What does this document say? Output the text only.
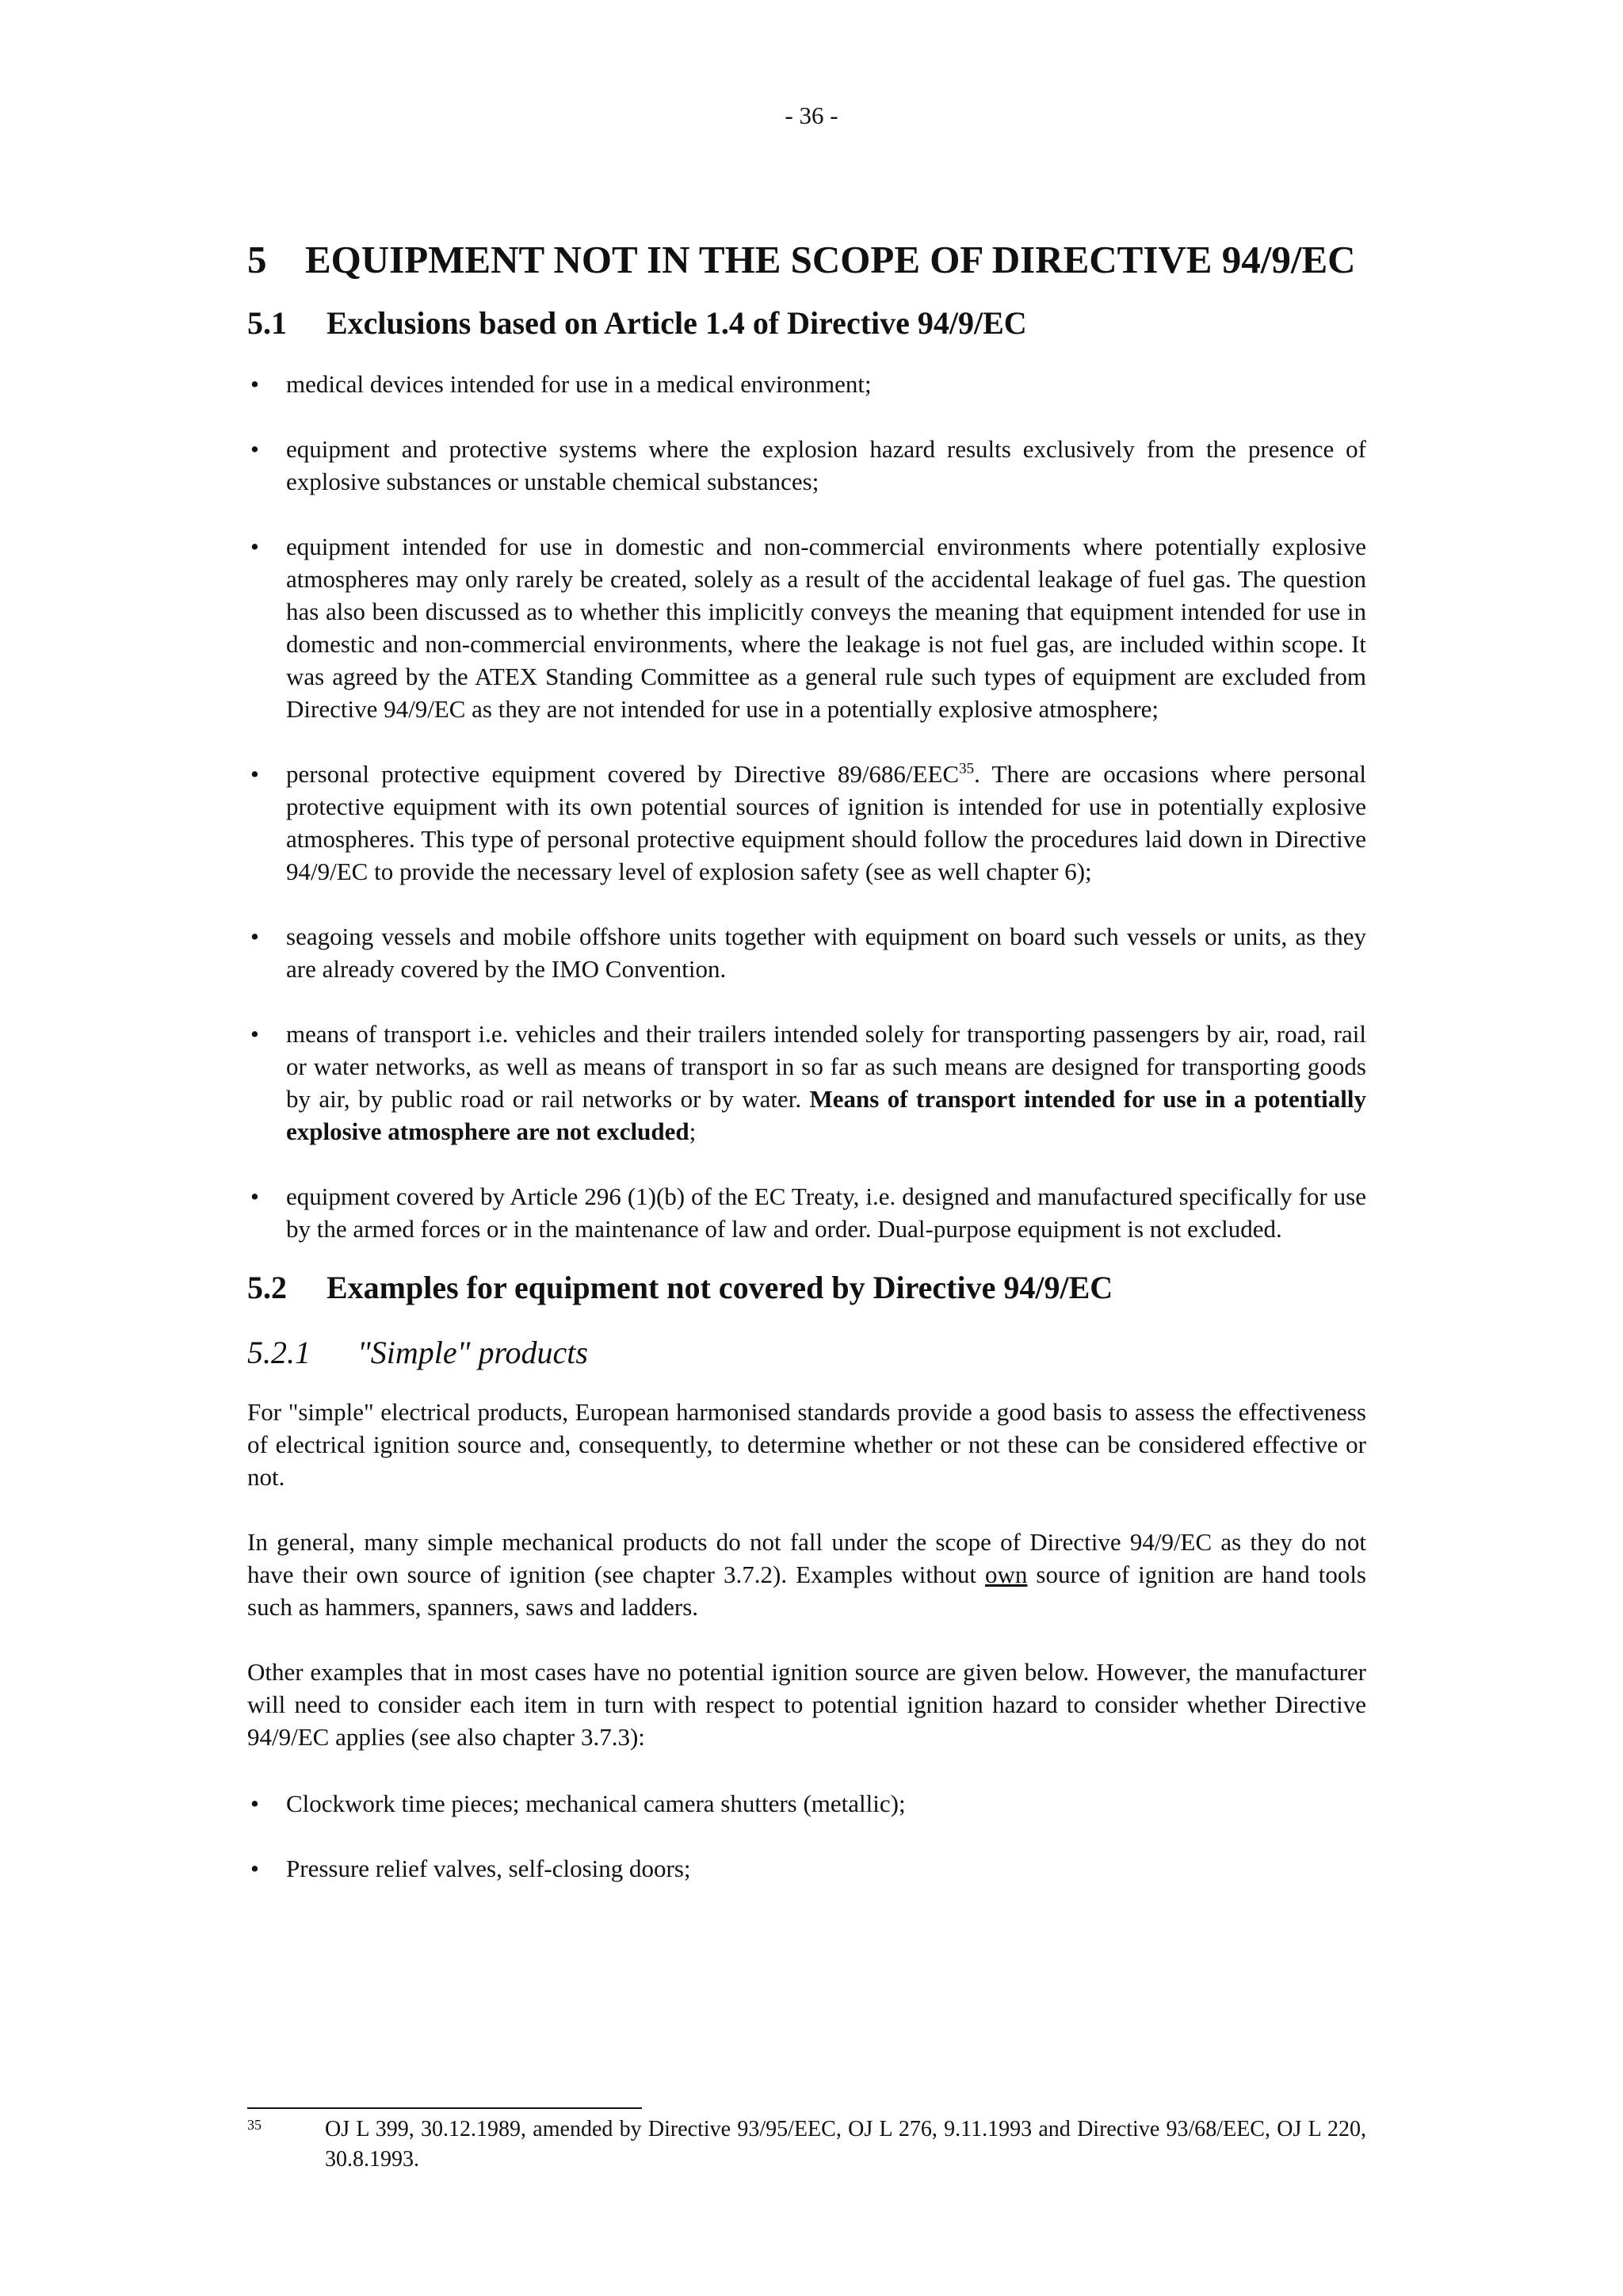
- 36 -
5 EQUIPMENT NOT IN THE SCOPE OF DIRECTIVE 94/9/EC
5.1	Exclusions based on Article 1.4 of Directive 94/9/EC
•	medical devices intended for use in a medical environment;
•	equipment and protective systems where the explosion hazard results exclusively from the presence of explosive substances or unstable chemical substances;
•	equipment intended for use in domestic and non-commercial environments where potentially explosive atmospheres may only rarely be created, solely as a result of the accidental leakage of fuel gas. The question has also been discussed as to whether this implicitly conveys the meaning that equipment intended for use in domestic and non-commercial environments, where the leakage is not fuel gas, are included within scope. It was agreed by the ATEX Standing Committee as a general rule such types of equipment are excluded from Directive 94/9/EC as they are not intended for use in a potentially explosive atmosphere;
•	personal protective equipment covered by Directive 89/686/EEC$^{35}$. There are occasions where personal protective equipment with its own potential sources of ignition is intended for use in potentially explosive atmospheres. This type of personal protective equipment should follow the procedures laid down in Directive 94/9/EC to provide the necessary level of explosion safety (see as well chapter 6);
•	seagoing vessels and mobile offshore units together with equipment on board such vessels or units, as they are already covered by the IMO Convention.
•	means of transport i.e. vehicles and their trailers intended solely for transporting passengers by air, road, rail or water networks, as well as means of transport in so far as such means are designed for transporting goods by air, by public road or rail networks or by water. Means of transport intended for use in a potentially explosive atmosphere are not excluded;
•	equipment covered by Article 296 (1)(b) of the EC Treaty, i.e. designed and manufactured specifically for use by the armed forces or in the maintenance of law and order. Dual-purpose equipment is not excluded.
5.2	Examples for equipment not covered by Directive 94/9/EC
5.2.1	"Simple" products

For "simple" electrical products, European harmonised standards provide a good basis to assess the effectiveness of electrical ignition source and, consequently, to determine whether or not these can be considered effective or not.

In general, many simple mechanical products do not fall under the scope of Directive 94/9/EC as they do not have their own source of ignition (see chapter 3.7.2). Examples without own source of ignition are hand tools such as hammers, spanners, saws and ladders.

Other examples that in most cases have no potential ignition source are given below. However, the manufacturer will need to consider each item in turn with respect to potential ignition hazard to consider whether Directive 94/9/EC applies (see also chapter 3.7.3):

•	Clockwork time pieces; mechanical camera shutters (metallic);
•	Pressure relief valves, self-closing doors;
35	OJ L 399, 30.12.1989, amended by Directive 93/95/EEC, OJ L 276, 9.11.1993 and Directive 93/68/EEC, OJ L 220, 30.8.1993.
